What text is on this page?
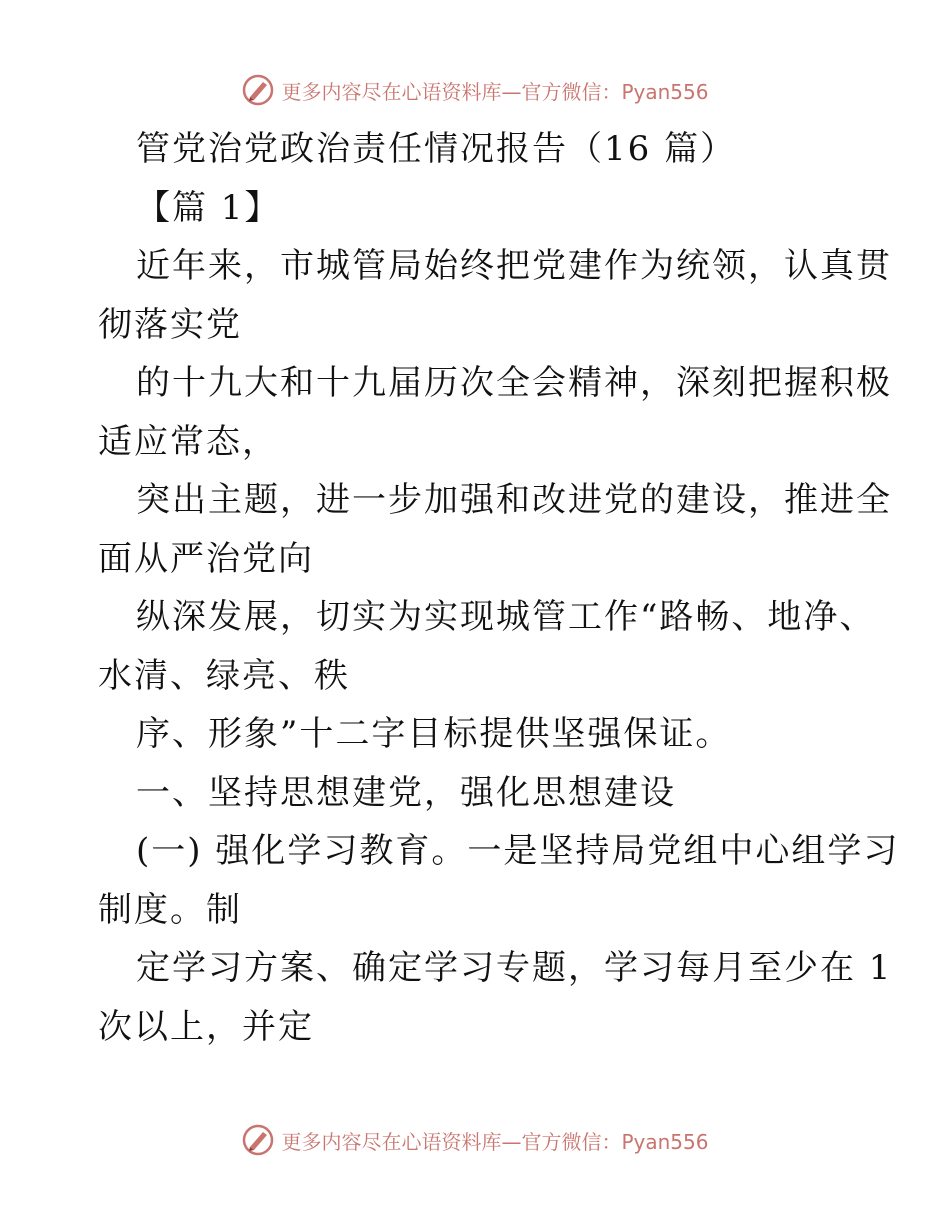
更多内容尽在心语资料库—官方微信：Pyan556
管党治党政治责任情况报告（16 篇）
【篇 1】
近年来，市城管局始终把党建作为统领，认真贯
彻落实党
的十九大和十九届历次全会精神，深刻把握积极
适应常态，
突出主题，进一步加强和改进党的建设，推进全
面从严治党向
纵深发展，切实为实现城管工作“路畅、地净、
水清、绿亮、秩
序、形象”十二字目标提供坚强保证。
一、坚持思想建党，强化思想建设
(一) 强化学习教育。一是坚持局党组中心组学习
制度。制
定学习方案、确定学习专题，学习每月至少在 1
次以上，并定
更多内容尽在心语资料库—官方微信：Pyan556
